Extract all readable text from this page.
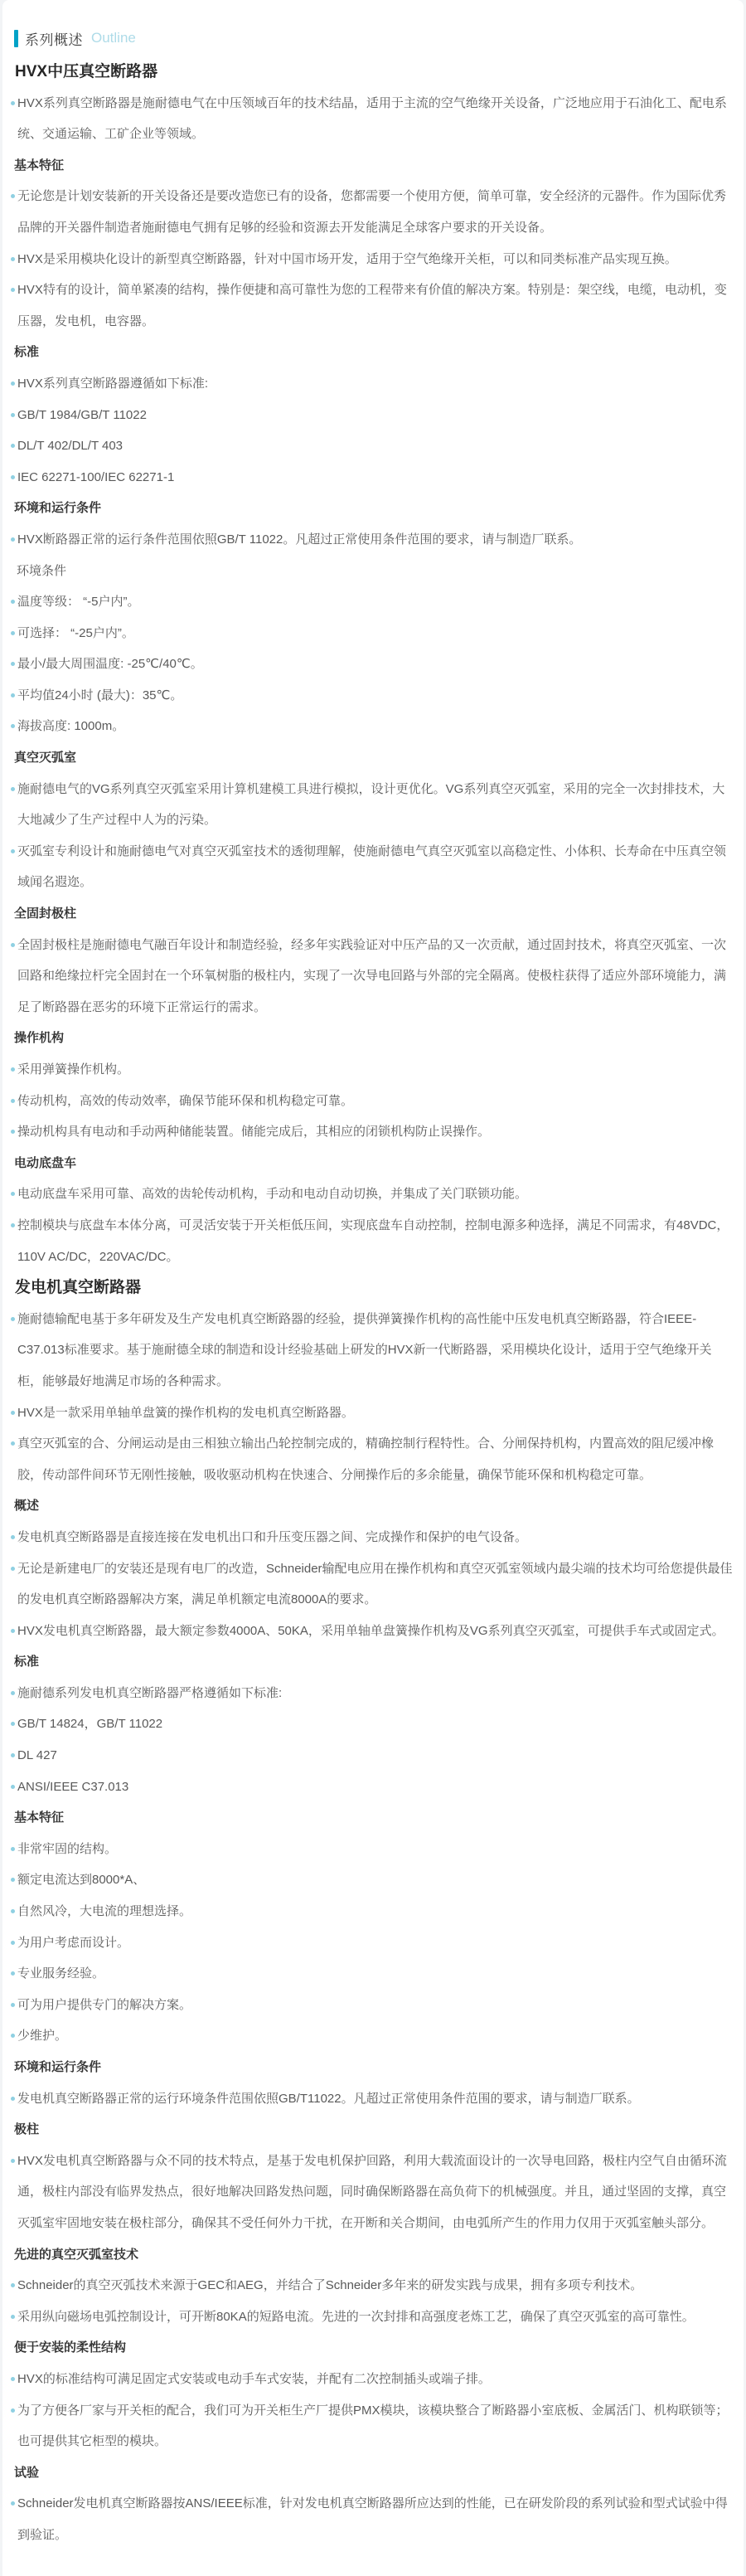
系列概述 Outline
HVX中压真空断路器
HVX系列真空断路器是施耐德电气在中压领域百年的技术结晶，适用于主流的空气绝缘开关设备，广泛地应用于石油化工、配电系统、交通运输、工矿企业等领域。
基本特征
无论您是计划安装新的开关设备还是要改造您已有的设备，您都需要一个使用方便，简单可靠，安全经济的元器件。作为国际优秀品牌的开关器件制造者施耐德电气拥有足够的经验和资源去开发能满足全球客户要求的开关设备。
HVX是采用模块化设计的新型真空断路器，针对中国市场开发，适用于空气绝缘开关柜，可以和同类标准产品实现互换。
HVX特有的设计，简单紧凑的结构，操作便捷和高可靠性为您的工程带来有价值的解决方案。特别是：架空线，电缆，电动机，变压器，发电机，电容器。
标准
HVX系列真空断路器遵循如下标准:
GB/T 1984/GB/T 11022
DL/T 402/DL/T 403
IEC 62271-100/IEC 62271-1
环境和运行条件
HVX断路器正常的运行条件范围依照GB/T 11022。凡超过正常使用条件范围的要求，请与制造厂联系。
环境条件
温度等级： “-5户内”。
可选择： “-25户内”。
最小/最大周围温度: -25℃/40℃。
平均值24小时 (最大)：35℃。
海拔高度: 1000m。
真空灭弧室
施耐德电气的VG系列真空灭弧室采用计算机建模工具进行模拟，设计更优化。VG系列真空灭弧室，采用的完全一次封排技术，大大地减少了生产过程中人为的污染。
灭弧室专利设计和施耐德电气对真空灭弧室技术的透彻理解，使施耐德电气真空灭弧室以高稳定性、小体积、长寿命在中压真空领域闻名遐迩。
全固封极柱
全固封极柱是施耐德电气融百年设计和制造经验，经多年实践验证对中压产品的又一次贡献，通过固封技术，将真空灭弧室、一次回路和绝缘拉杆完全固封在一个环氧树脂的极柱内，实现了一次导电回路与外部的完全隔离。使极柱获得了适应外部环境能力，满足了断路器在恶劣的环境下正常运行的需求。
操作机构
采用弹簧操作机构。
传动机构，高效的传动效率，确保节能环保和机构稳定可靠。
操动机构具有电动和手动两种储能装置。储能完成后，其相应的闭锁机构防止误操作。
电动底盘车
电动底盘车采用可靠、高效的齿轮传动机构，手动和电动自动切换，并集成了关门联锁功能。
控制模块与底盘车本体分离，可灵活安装于开关柜低压间，实现底盘车自动控制，控制电源多种选择，满足不同需求，有48VDC，110V AC/DC，220VAC/DC。
发电机真空断路器
施耐德输配电基于多年研发及生产发电机真空断路器的经验，提供弹簧操作机构的高性能中压发电机真空断路器，符合IEEE-C37.013标准要求。基于施耐德全球的制造和设计经验基础上研发的HVX新一代断路器，采用模块化设计，适用于空气绝缘开关柜，能够最好地满足市场的各种需求。
HVX是一款采用单轴单盘簧的操作机构的发电机真空断路器。
真空灭弧室的合、分闸运动是由三相独立输出凸轮控制完成的，精确控制行程特性。合、分闸保持机构，内置高效的阻尼缓冲橡胶，传动部件间环节无刚性接触，吸收驱动机构在快速合、分闸操作后的多余能量，确保节能环保和机构稳定可靠。
概述
发电机真空断路器是直接连接在发电机出口和升压变压器之间、完成操作和保护的电气设备。
无论是新建电厂的安装还是现有电厂的改造，Schneider输配电应用在操作机构和真空灭弧室领域内最尖端的技术均可给您提供最佳的发电机真空断路器解决方案，满足单机额定电流8000A的要求。
HVX发电机真空断路器，最大额定参数4000A、50KA，采用单轴单盘簧操作机构及VG系列真空灭弧室，可提供手车式或固定式。
标准
施耐德系列发电机真空断路器严格遵循如下标准:
GB/T 14824，GB/T 11022
DL 427
ANSI/IEEE C37.013
基本特征
非常牢固的结构。
额定电流达到8000*A、
自然风冷，大电流的理想选择。
为用户考虑而设计。
专业服务经验。
可为用户提供专门的解决方案。
少维护。
环境和运行条件
发电机真空断路器正常的运行环境条件范围依照GB/T11022。凡超过正常使用条件范围的要求，请与制造厂联系。
极柱
HVX发电机真空断路器与众不同的技术特点，是基于发电机保护回路，利用大载流面设计的一次导电回路，极柱内空气自由循环流通，极柱内部没有临界发热点，很好地解决回路发热问题，同时确保断路器在高负荷下的机械强度。并且，通过坚固的支撑，真空灭弧室牢固地安装在极柱部分，确保其不受任何外力干扰，在开断和关合期间，由电弧所产生的作用力仅用于灭弧室触头部分。
先进的真空灭弧室技术
Schneider的真空灭弧技术来源于GEC和AEG，并结合了Schneider多年来的研发实践与成果，拥有多项专利技术。
采用纵向磁场电弧控制设计，可开断80KA的短路电流。先进的一次封排和高强度老炼工艺，确保了真空灭弧室的高可靠性。
便于安装的柔性结构
HVX的标准结构可满足固定式安装或电动手车式安装，并配有二次控制插头或端子排。
为了方便各厂家与开关柜的配合，我们可为开关柜生产厂提供PMX模块，该模块整合了断路器小室底板、金属活门、机构联锁等；也可提供其它柜型的模块。
试验
Schneider发电机真空断路器按ANS/IEEE标准，针对发电机真空断路器所应达到的性能，已在研发阶段的系列试验和型式试验中得到验证。
